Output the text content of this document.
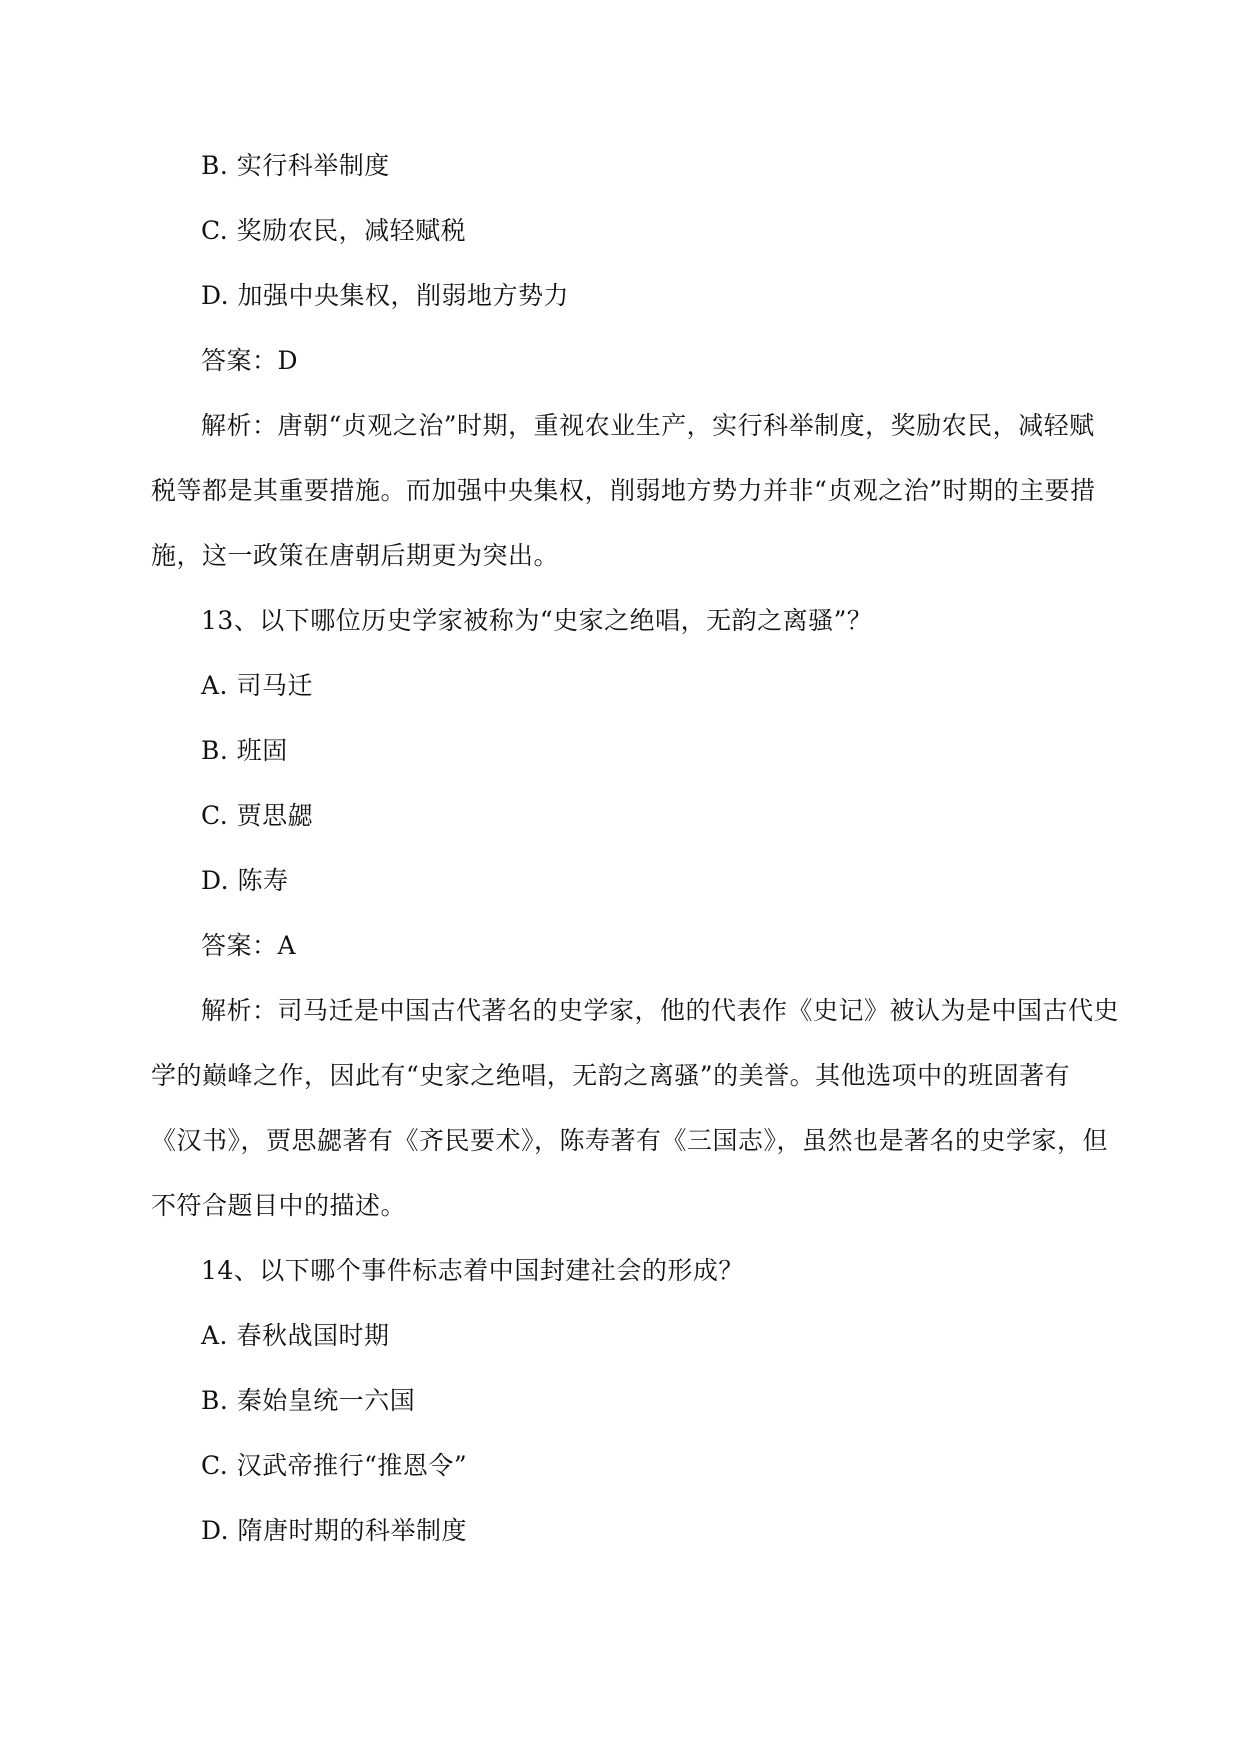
B. 实行科举制度
C. 奖励农民，减轻赋税
D. 加强中央集权，削弱地方势力
答案：D
解析：唐朝“贞观之治”时期，重视农业生产，实行科举制度，奖励农民，减轻赋
税等都是其重要措施。而加强中央集权，削弱地方势力并非“贞观之治”时期的主要措
施，这一政策在唐朝后期更为突出。
13、以下哪位历史学家被称为“史家之绝唱，无韵之离骚”？
A. 司马迁
B. 班固
C. 贾思勰
D. 陈寿
答案：A
解析：司马迁是中国古代著名的史学家，他的代表作《史记》被认为是中国古代史
学的巅峰之作，因此有“史家之绝唱，无韵之离骚”的美誉。其他选项中的班固著有
《汉书》，贾思勰著有《齐民要术》，陈寿著有《三国志》，虽然也是著名的史学家，但
不符合题目中的描述。
14、以下哪个事件标志着中国封建社会的形成？
A. 春秋战国时期
B. 秦始皇统一六国
C. 汉武帝推行“推恩令”
D. 隋唐时期的科举制度
